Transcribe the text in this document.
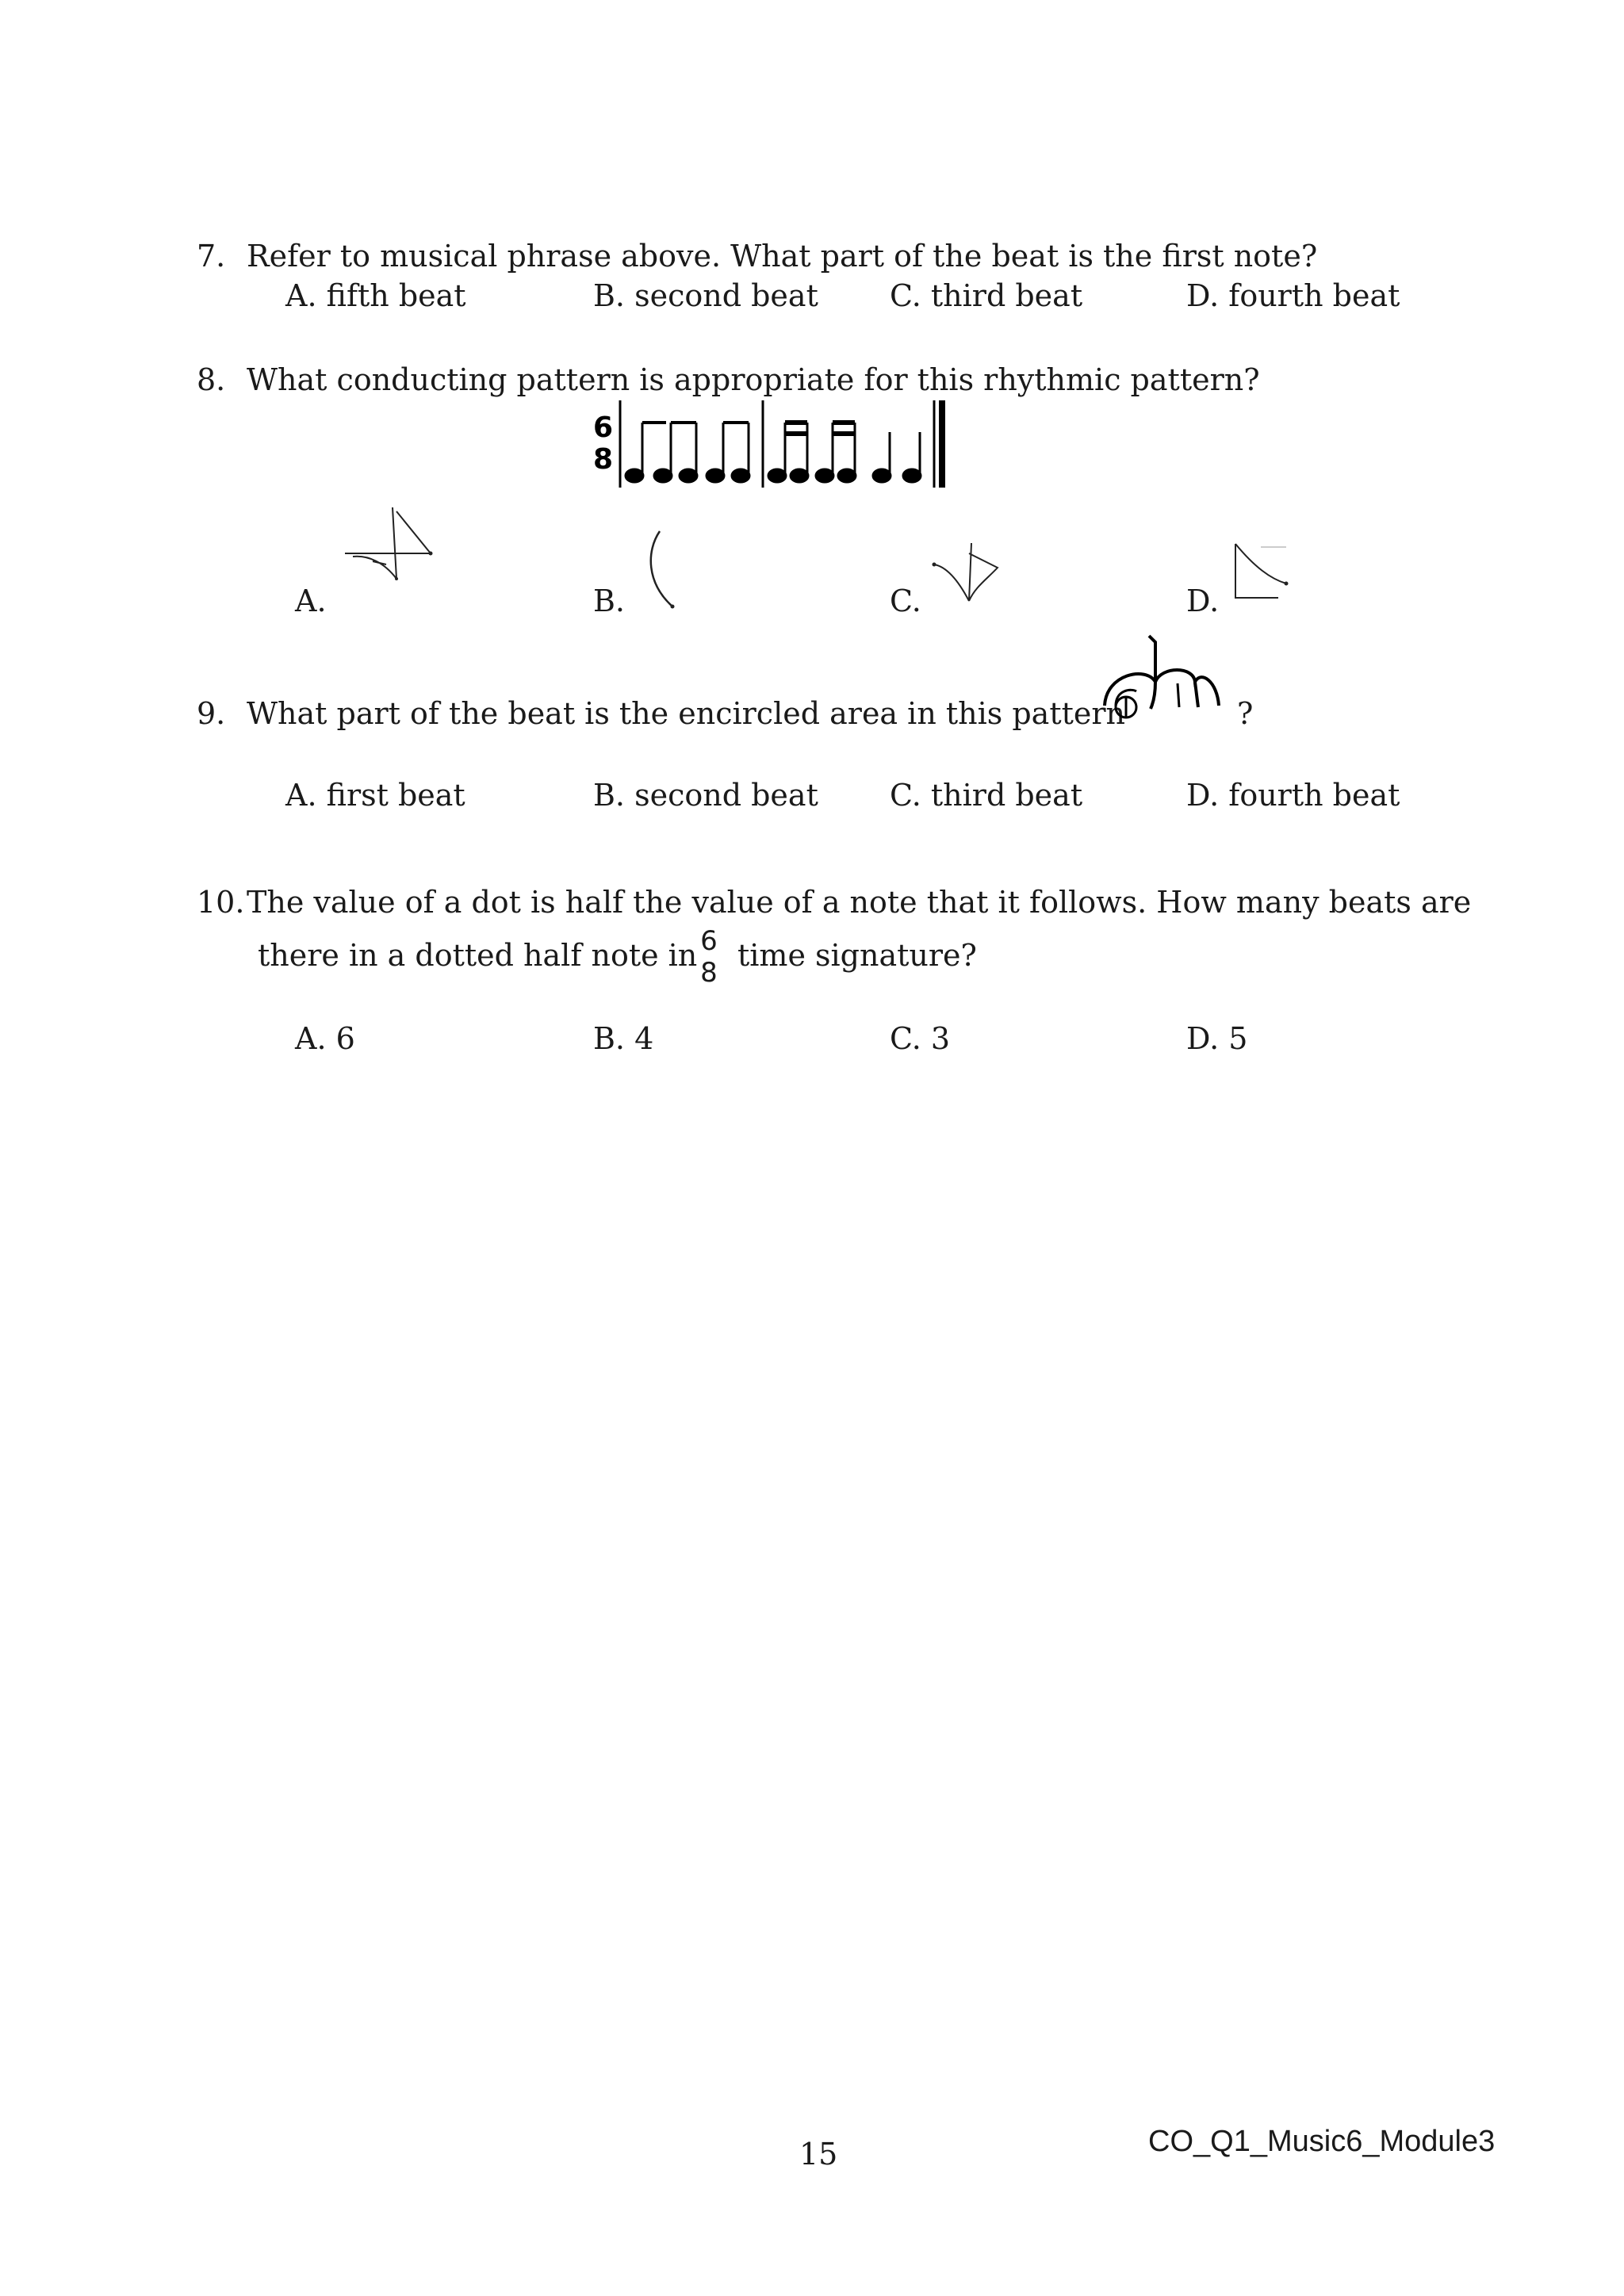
7. Refer to musical phrase above. What part of the beat is the first note?
A. fifth beat	B. second beat C. third beat	D. fourth beat
8. What conducting pattern is appropriate for this rhythmic pattern?
6
8
A.	B.	C.	D.
9. What part of the beat is the encircled area in this pattern	?
A. first beat	B. second beat C. third beat	D. fourth beat
10. The value of a dot is half the value of a note that it follows. How many beats are
there in a dotted half note in 6
8 time signature?
A. 6	B. 4	C. 3	D. 5
15	CO_Q1_Music6_Module3
